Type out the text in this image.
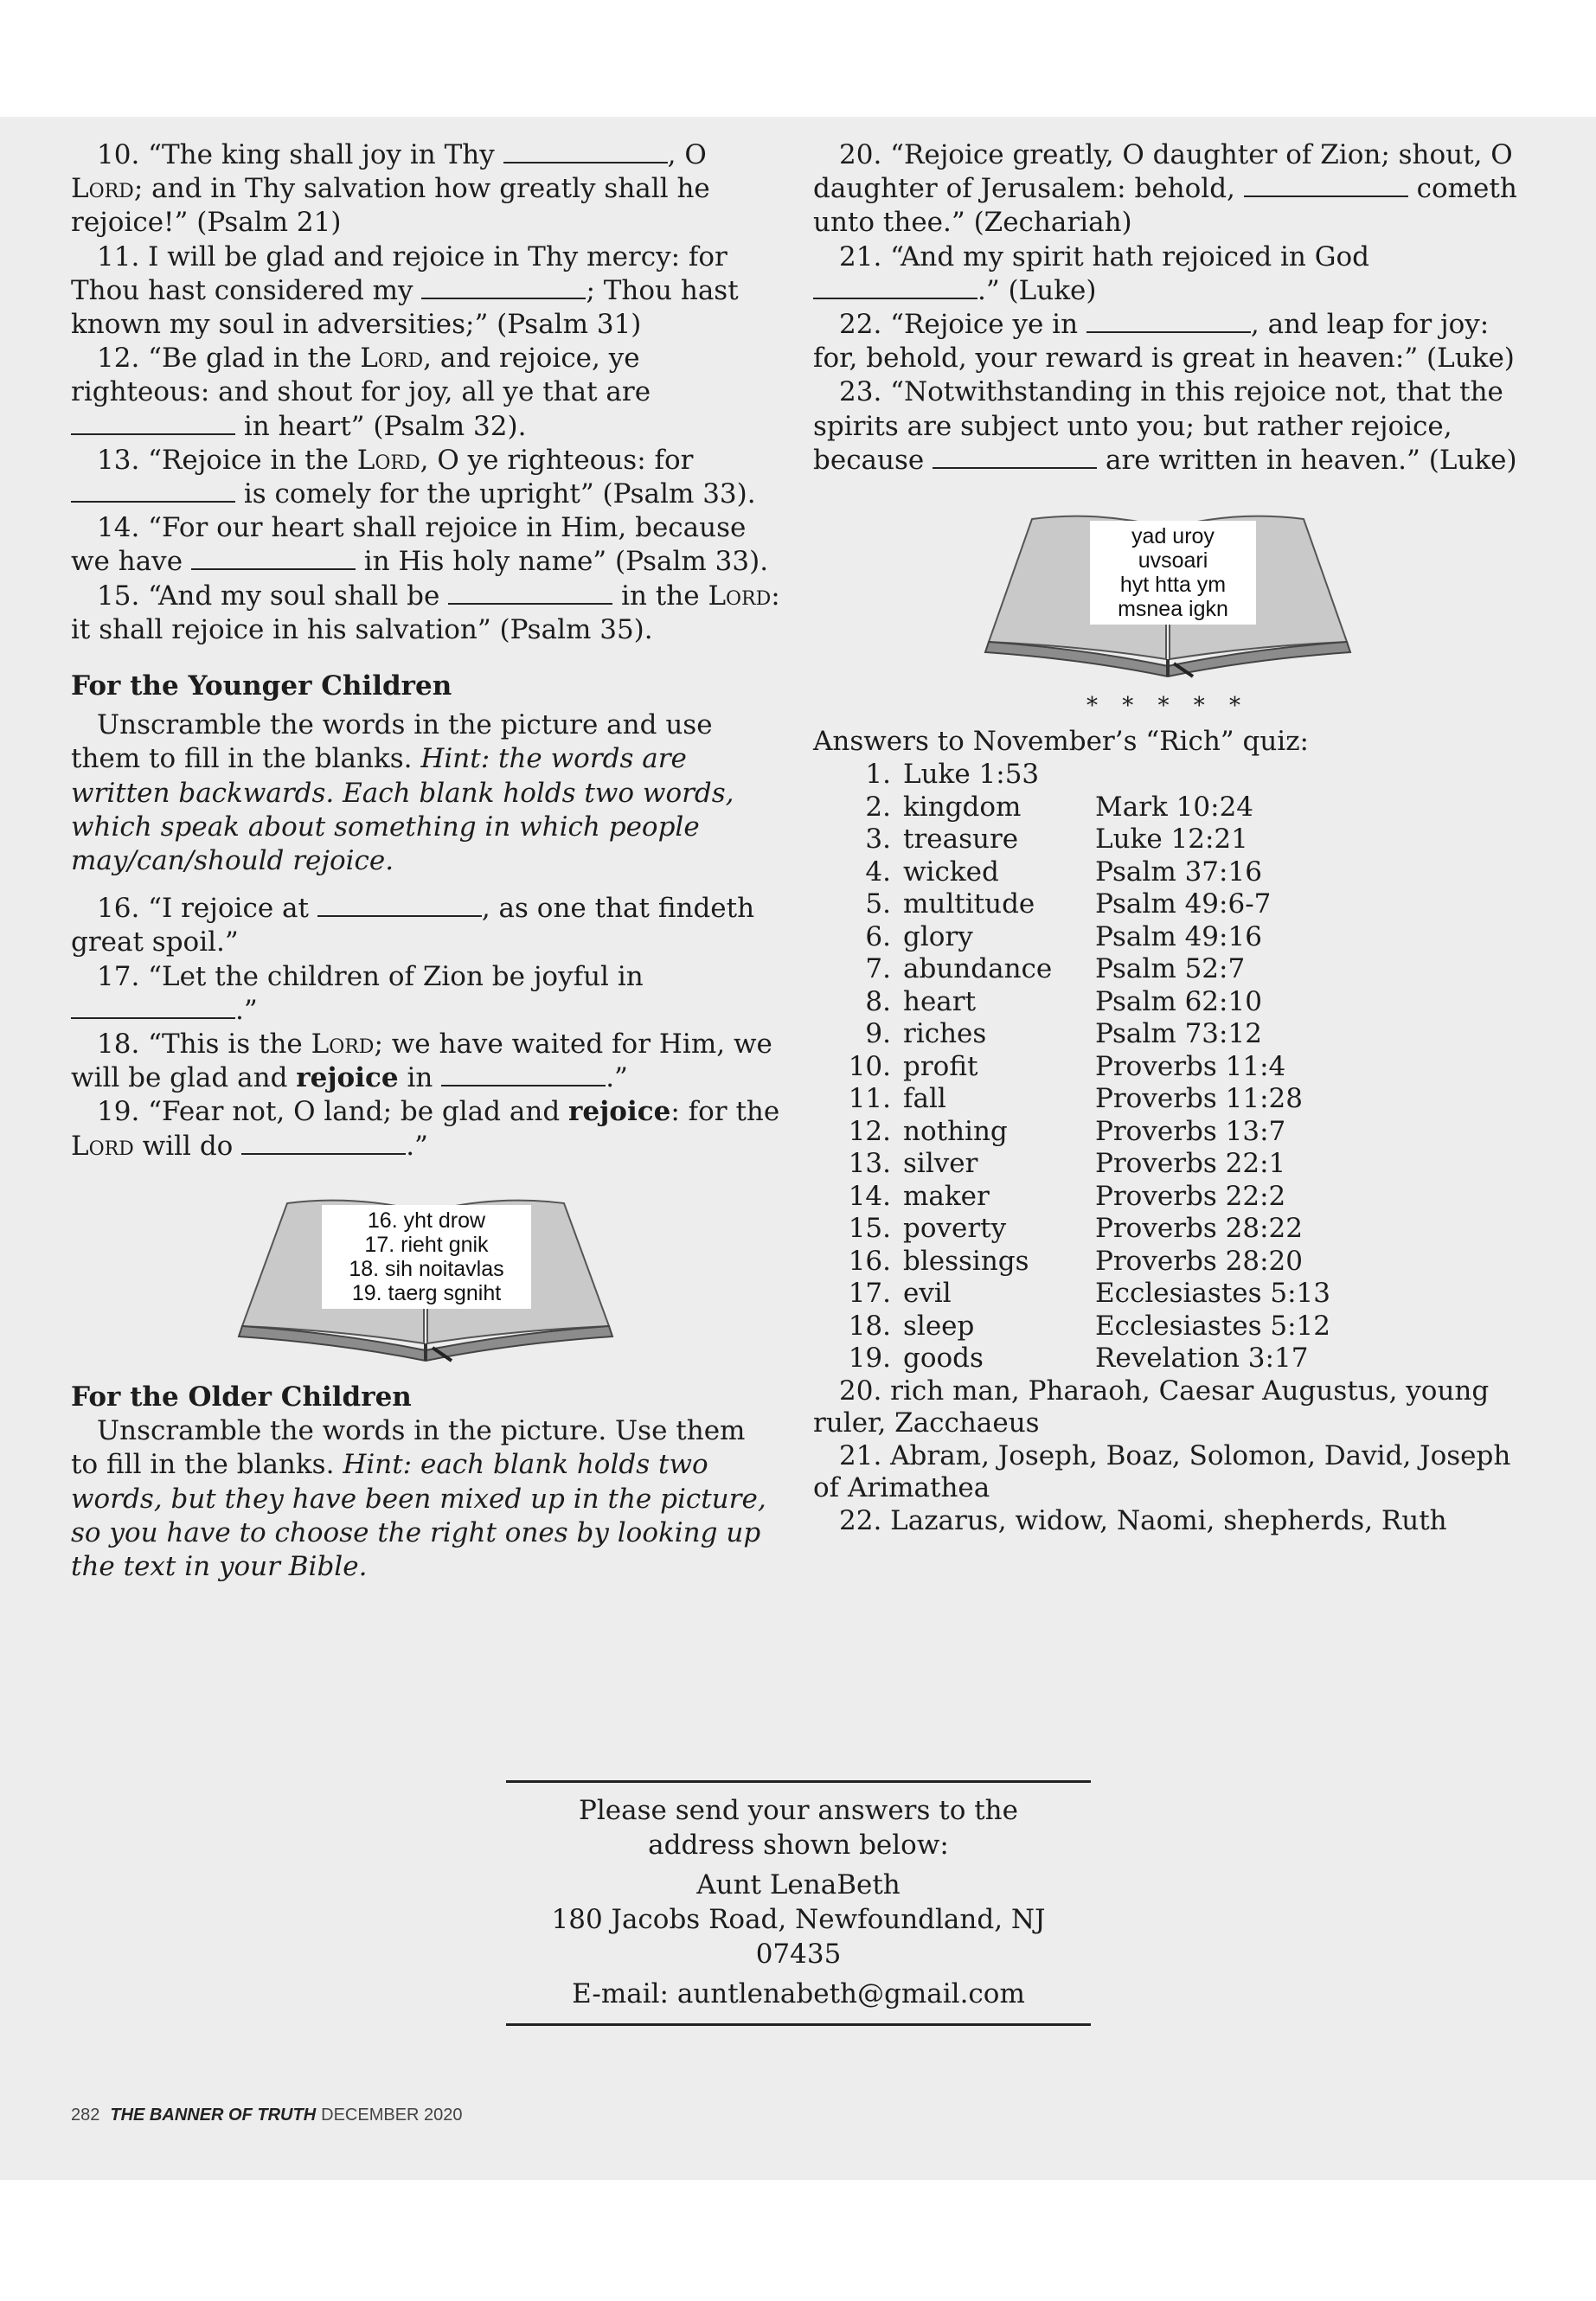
10. “The king shall joy in Thy	, O Lord; and in Thy salvation how greatly shall he rejoice!” (Psalm 21)

11. I will be glad and rejoice in Thy mercy: for Thou hast considered my	; Thou hast known my soul in adversities;” (Psalm 31)

12. “Be glad in the Lord, and rejoice, ye righteous: and shout for joy, all ye that are  in heart” (Psalm 32).

13. “Rejoice in the Lord, O ye righteous: for  is comely for the upright” (Psalm 33).

14. “For our heart shall rejoice in Him, because we have	in His holy name” (Psalm 33).

15. “And my soul shall be	in the Lord: it shall rejoice in his salvation” (Psalm 35).

For the Younger Children

Unscramble the words in the picture and use them to fill in the blanks. Hint: the words are written backwards. Each blank holds two words, which speak about something in which people may/can/should rejoice.

16. “I rejoice at	, as one that findeth great spoil.”

17. “Let the children of Zion be joyful in .”

18. “This is the Lord; we have waited for Him, we will be glad and rejoice in	.”

19. “Fear not, O land; be glad and rejoice: for the Lord will do	.”

16. yht drow
17. rieht gnik
18. sih noitavlas
19. taerg sgniht
For the Older Children

Unscramble the words in the picture. Use them to fill in the blanks. Hint: each blank holds two words, but they have been mixed up in the picture, so you have to choose the right ones by looking up the text in your Bible.

20. “Rejoice greatly, O daughter of Zion; shout, O daughter of Jerusalem: behold,	cometh unto thee.” (Zechariah)

21. “And my spirit hath rejoiced in God .” (Luke)

22. “Rejoice ye in	, and leap for joy: for, behold, your reward is great in heaven:” (Luke)

23. “Notwithstanding in this rejoice not, that the spirits are subject unto you; but rather rejoice, because	are written in heaven.” (Luke)

yad uroy
uvsoari
hyt htta ym
msnea igkn
* * * * *

Answers to November’s “Rich” quiz:

1.	Luke 1:53	
2.	kingdom	Mark 10:24
3.	treasure	Luke 12:21
4.	wicked	Psalm 37:16
5.	multitude	Psalm 49:6-7
6.	glory	Psalm 49:16
7.	abundance	Psalm 52:7
8.	heart	Psalm 62:10
9.	riches	Psalm 73:12
10.	profit	Proverbs 11:4
11.	fall	Proverbs 11:28
12.	nothing	Proverbs 13:7
13.	silver	Proverbs 22:1
14.	maker	Proverbs 22:2
15.	poverty	Proverbs 28:22
16.	blessings	Proverbs 28:20
17.	evil	Ecclesiastes 5:13
18.	sleep	Ecclesiastes 5:12
19.	goods	Revelation 3:17

20. rich man, Pharaoh, Caesar Augustus, young ruler, Zacchaeus

21. Abram, Joseph, Boaz, Solomon, David, Joseph of Arimathea

22. Lazarus, widow, Naomi, shepherds, Ruth

Please send your answers to the
address shown below:
Aunt LenaBeth
180 Jacobs Road, Newfoundland, NJ 07435
E-mail: auntlenabeth@gmail.com
282 THE BANNER OF TRUTH DECEMBER 2020
